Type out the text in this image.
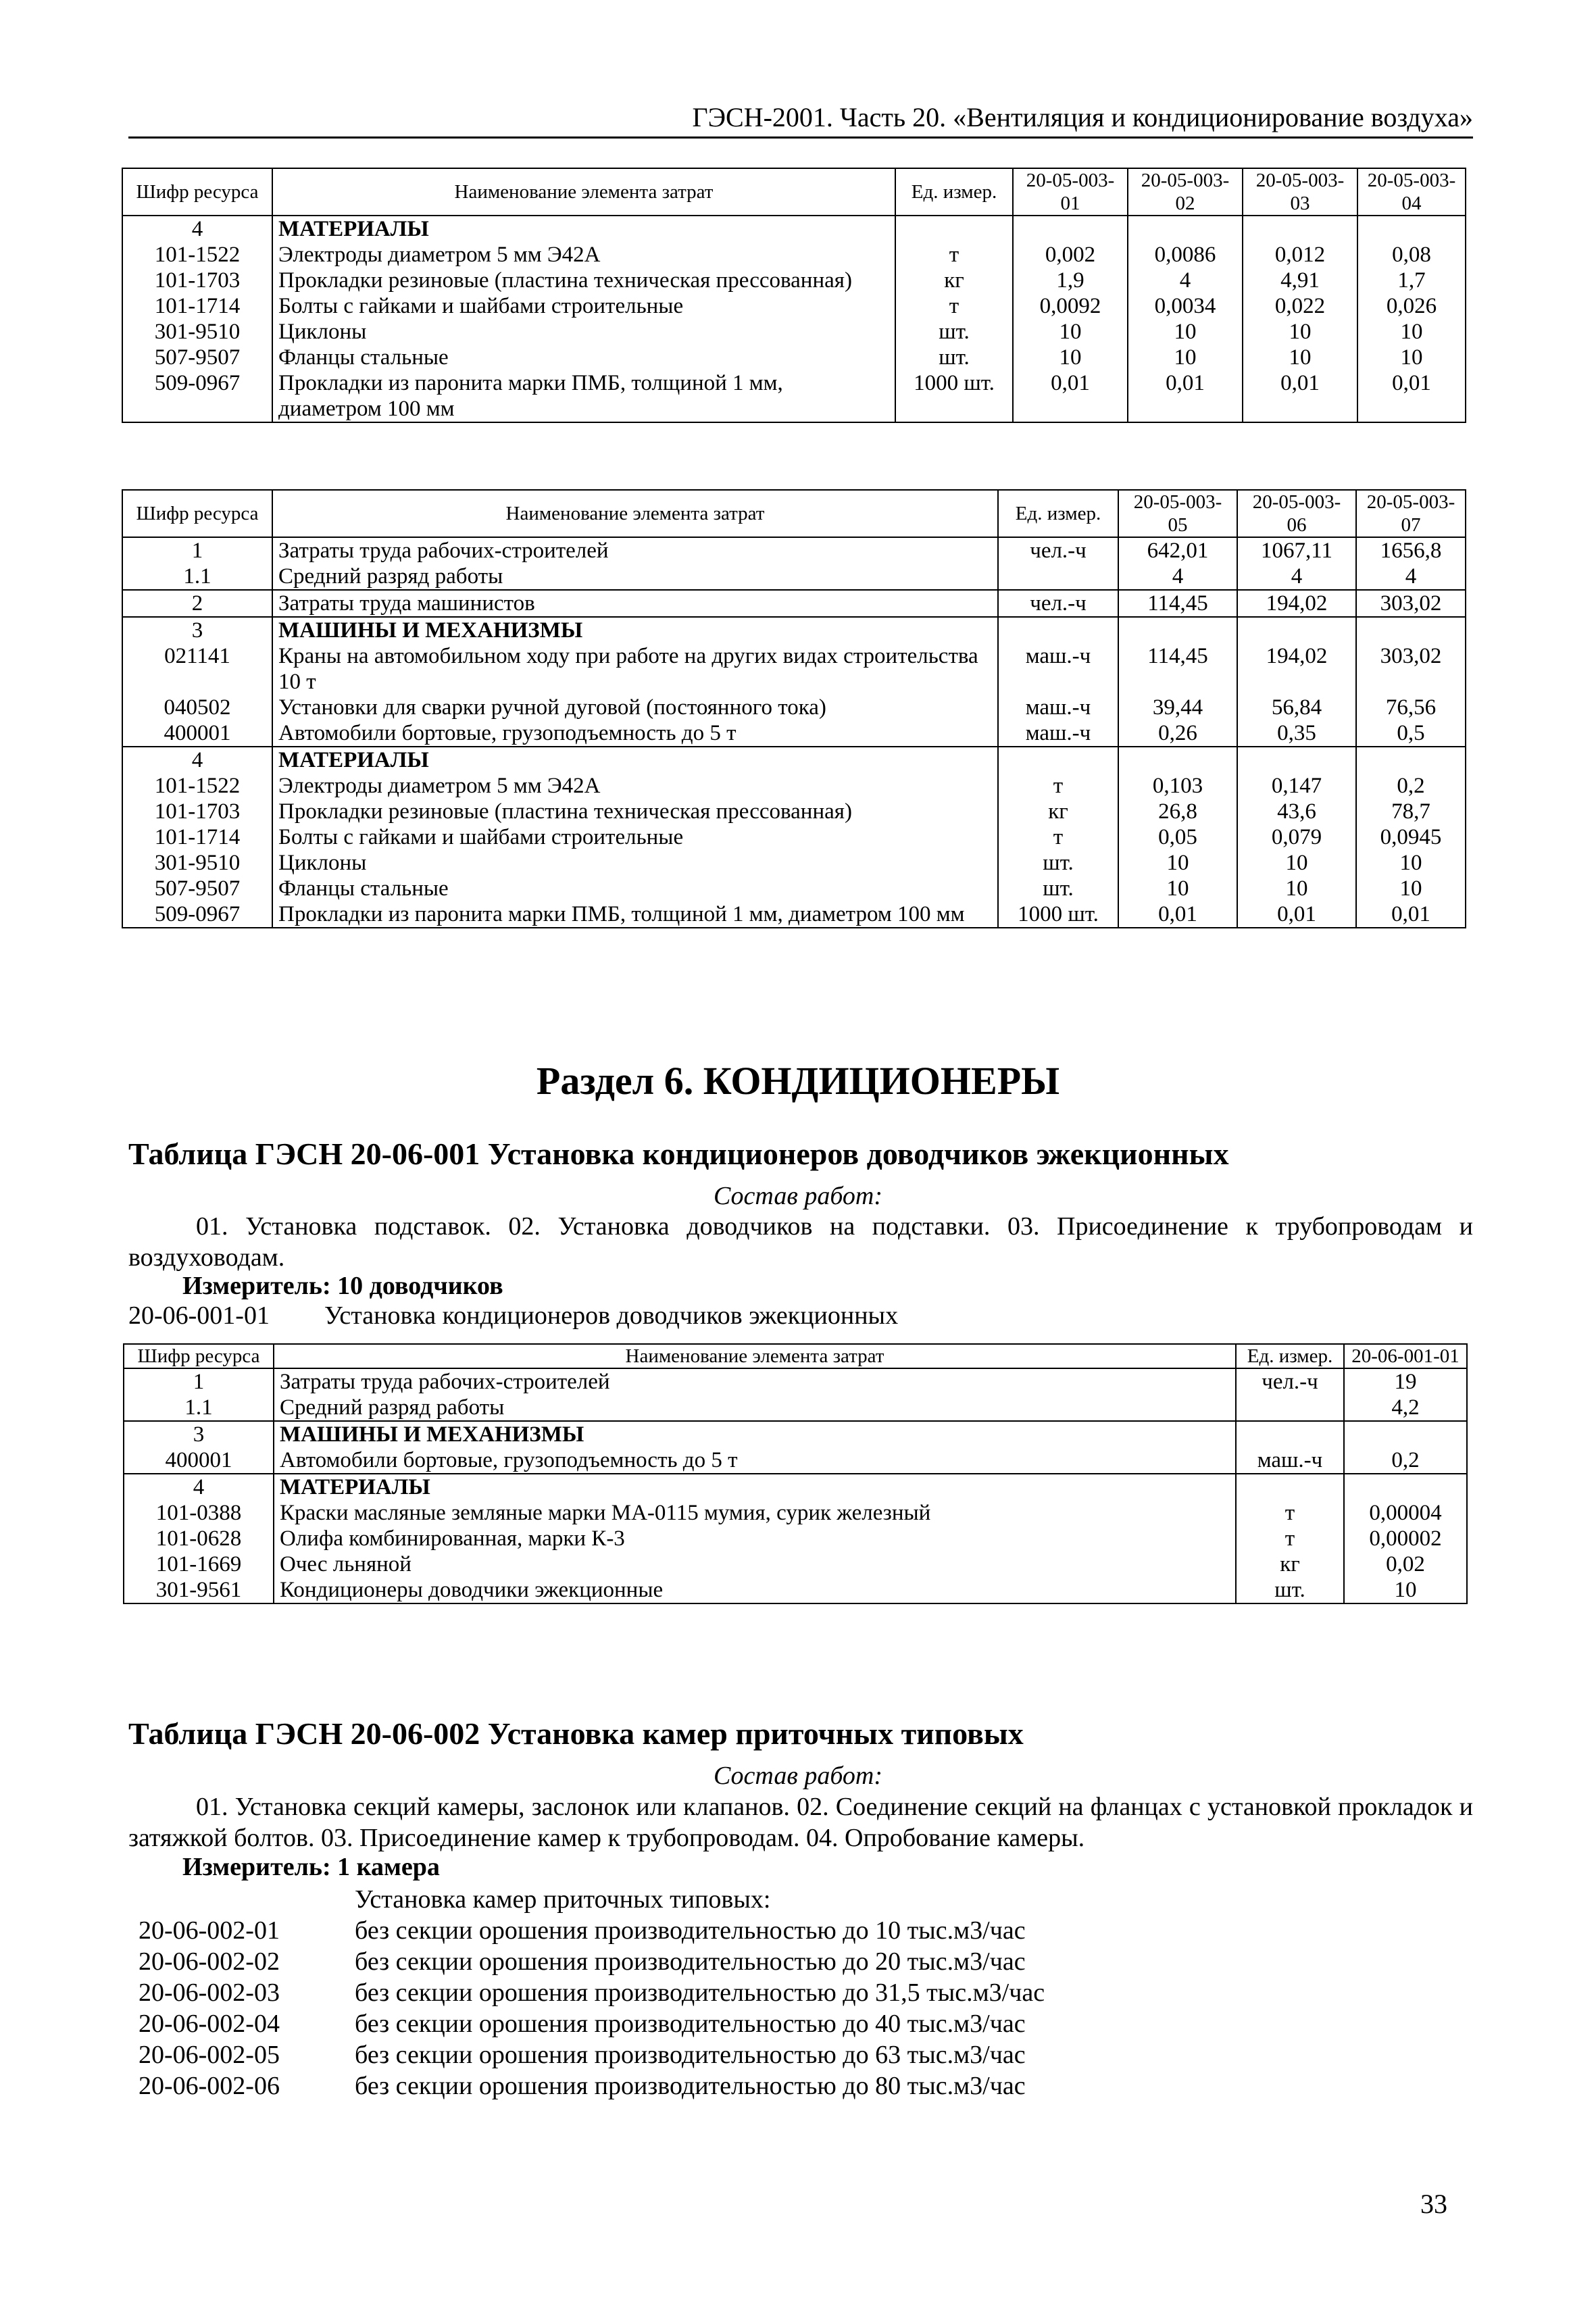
ГЭСН-2001. Часть 20. «Вентиляция и кондиционирование воздуха»
Шифр ресурса	Наименование элемента затрат	Ед. измер.	20-05-003-01	20-05-003-02	20-05-003-03	20-05-003-04
4	МАТЕРИАЛЫ					
101-1522	Электроды диаметром 5 мм Э42А	т	0,002	0,0086	0,012	0,08
101-1703	Прокладки резиновые (пластина техническая прессованная)	кг	1,9	4	4,91	1,7
101-1714	Болты с гайками и шайбами строительные	т	0,0092	0,0034	0,022	0,026
301-9510	Циклоны	шт.	10	10	10	10
507-9507	Фланцы стальные	шт.	10	10	10	10
509-0967	Прокладки из паронита марки ПМБ, толщиной 1 мм, диаметром 100 мм	1000 шт.	0,01	0,01	0,01	0,01
Шифр ресурса	Наименование элемента затрат	Ед. измер.	20-05-003-05	20-05-003-06	20-05-003-07
1	Затраты труда рабочих-строителей	чел.-ч	642,01	1067,11	1656,8
1.1	Средний разряд работы		4	4	4
2	Затраты труда машинистов	чел.-ч	114,45	194,02	303,02
3	МАШИНЫ И МЕХАНИЗМЫ				
021141	Краны на автомобильном ходу при работе на других видах строительства 10 т	маш.-ч	114,45	194,02	303,02
040502	Установки для сварки ручной дуговой (постоянного тока)	маш.-ч	39,44	56,84	76,56
400001	Автомобили бортовые, грузоподъемность до 5 т	маш.-ч	0,26	0,35	0,5
4	МАТЕРИАЛЫ				
101-1522	Электроды диаметром 5 мм Э42А	т	0,103	0,147	0,2
101-1703	Прокладки резиновые (пластина техническая прессованная)	кг	26,8	43,6	78,7
101-1714	Болты с гайками и шайбами строительные	т	0,05	0,079	0,0945
301-9510	Циклоны	шт.	10	10	10
507-9507	Фланцы стальные	шт.	10	10	10
509-0967	Прокладки из паронита марки ПМБ, толщиной 1 мм, диаметром 100 мм	1000 шт.	0,01	0,01	0,01
Раздел 6. КОНДИЦИОНЕРЫ
Таблица ГЭСН 20-06-001 Установка кондиционеров доводчиков эжекционных
Состав работ:
01. Установка подставок. 02. Установка доводчиков на подставки. 03. Присоединение к трубопроводам и воздуховодам.
Измеритель: 10 доводчиков
20-06-001-01 Установка кондиционеров доводчиков эжекционных
Шифр ресурса	Наименование элемента затрат	Ед. измер.	20-06-001-01
1	Затраты труда рабочих-строителей	чел.-ч	19
1.1	Средний разряд работы		4,2
3	МАШИНЫ И МЕХАНИЗМЫ		
400001	Автомобили бортовые, грузоподъемность до 5 т	маш.-ч	0,2
4	МАТЕРИАЛЫ		
101-0388	Краски масляные земляные марки МА-0115 мумия, сурик железный	т	0,00004
101-0628	Олифа комбинированная, марки К-3	т	0,00002
101-1669	Очес льняной	кг	0,02
301-9561	Кондиционеры доводчики эжекционные	шт.	10
Таблица ГЭСН 20-06-002 Установка камер приточных типовых
Состав работ:
01. Установка секций камеры, заслонок или клапанов. 02. Соединение секций на фланцах с установкой прокладок и затяжкой болтов. 03. Присоединение камер к трубопроводам. 04. Опробование камеры.
Измеритель: 1 камера
Установка камер приточных типовых:
20-06-002-01	без секции орошения производительностью до 10 тыс.м3/час
20-06-002-02	без секции орошения производительностью до 20 тыс.м3/час
20-06-002-03	без секции орошения производительностью до 31,5 тыс.м3/час
20-06-002-04	без секции орошения производительностью до 40 тыс.м3/час
20-06-002-05	без секции орошения производительностью до 63 тыс.м3/час
20-06-002-06	без секции орошения производительностью до 80 тыс.м3/час
33
